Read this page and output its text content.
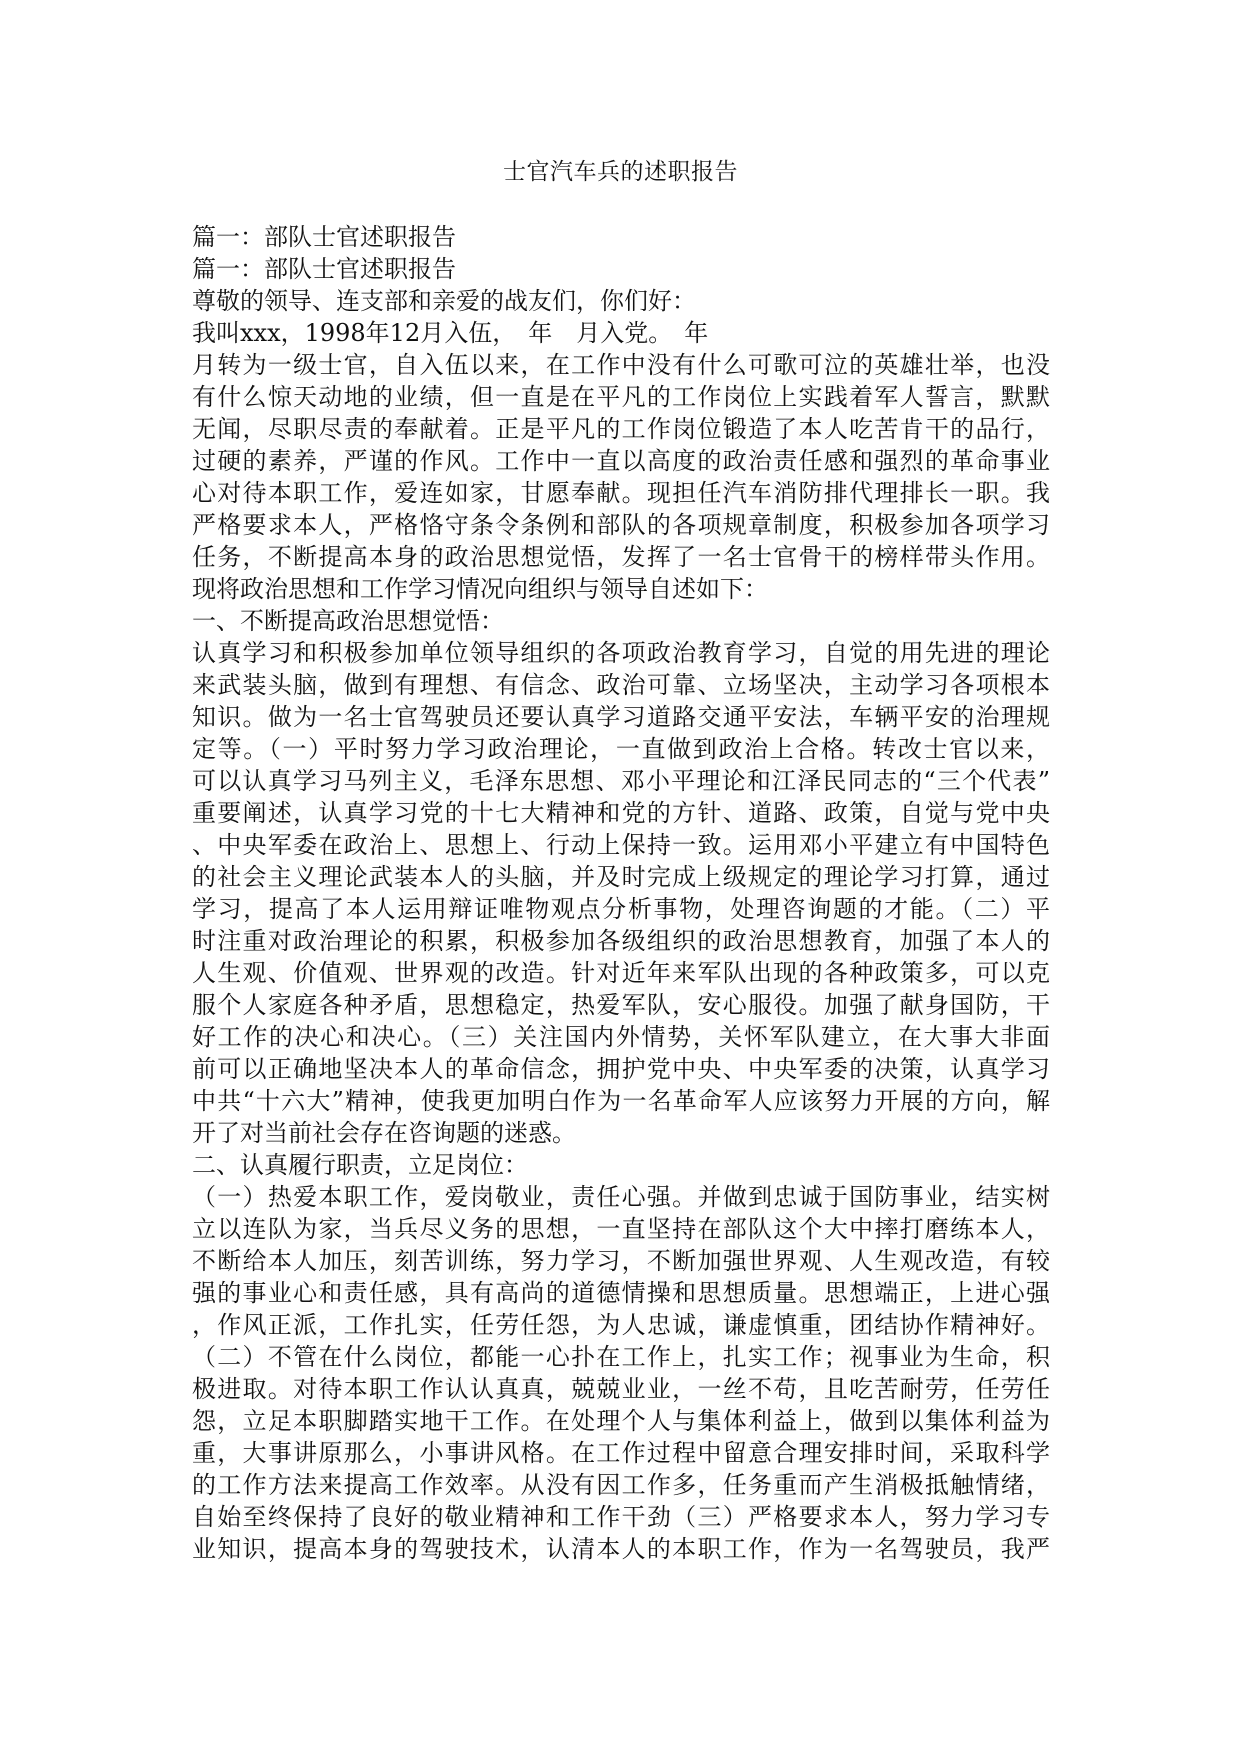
士官汽车兵的述职报告
篇一：部队士官述职报告
篇一：部队士官述职报告
尊敬的领导、连支部和亲爱的战友们，你们好：
我叫xxx，1998年12月入伍，　年　月入党。　年
月转为一级士官，自入伍以来，在工作中没有什么可歌可泣的英雄壮举，也没
有什么惊天动地的业绩，但一直是在平凡的工作岗位上实践着军人誓言，默默
无闻，尽职尽责的奉献着。正是平凡的工作岗位锻造了本人吃苦肯干的品行，
过硬的素养，严谨的作风。工作中一直以高度的政治责任感和强烈的革命事业
心对待本职工作，爱连如家，甘愿奉献。现担任汽车消防排代理排长一职。我
严格要求本人，严格恪守条令条例和部队的各项规章制度，积极参加各项学习
任务，不断提高本身的政治思想觉悟，发挥了一名士官骨干的榜样带头作用。
现将政治思想和工作学习情况向组织与领导自述如下：
一、不断提高政治思想觉悟：
认真学习和积极参加单位领导组织的各项政治教育学习，自觉的用先进的理论
来武装头脑，做到有理想、有信念、政治可靠、立场坚决，主动学习各项根本
知识。做为一名士官驾驶员还要认真学习道路交通平安法，车辆平安的治理规
定等。（一）平时努力学习政治理论，一直做到政治上合格。转改士官以来，
可以认真学习马列主义，毛泽东思想、邓小平理论和江泽民同志的“三个代表”
重要阐述，认真学习党的十七大精神和党的方针、道路、政策，自觉与党中央
、中央军委在政治上、思想上、行动上保持一致。运用邓小平建立有中国特色
的社会主义理论武装本人的头脑，并及时完成上级规定的理论学习打算，通过
学习，提高了本人运用辩证唯物观点分析事物，处理咨询题的才能。（二）平
时注重对政治理论的积累，积极参加各级组织的政治思想教育，加强了本人的
人生观、价值观、世界观的改造。针对近年来军队出现的各种政策多，可以克
服个人家庭各种矛盾，思想稳定，热爱军队，安心服役。加强了献身国防，干
好工作的决心和决心。（三）关注国内外情势，关怀军队建立，在大事大非面
前可以正确地坚决本人的革命信念，拥护党中央、中央军委的决策，认真学习
中共“十六大”精神，使我更加明白作为一名革命军人应该努力开展的方向，解
开了对当前社会存在咨询题的迷惑。
二、认真履行职责，立足岗位：
（一）热爱本职工作，爱岗敬业，责任心强。并做到忠诚于国防事业，结实树
立以连队为家，当兵尽义务的思想，一直坚持在部队这个大中摔打磨练本人，
不断给本人加压，刻苦训练，努力学习，不断加强世界观、人生观改造，有较
强的事业心和责任感，具有高尚的道德情操和思想质量。思想端正，上进心强
，作风正派，工作扎实，任劳任怨，为人忠诚，谦虚慎重，团结协作精神好。
（二）不管在什么岗位，都能一心扑在工作上，扎实工作；视事业为生命，积
极进取。对待本职工作认认真真，兢兢业业，一丝不苟，且吃苦耐劳，任劳任
怨，立足本职脚踏实地干工作。在处理个人与集体利益上，做到以集体利益为
重，大事讲原那么，小事讲风格。在工作过程中留意合理安排时间，采取科学
的工作方法来提高工作效率。从没有因工作多，任务重而产生消极抵触情绪，
自始至终保持了良好的敬业精神和工作干劲（三）严格要求本人，努力学习专
业知识，提高本身的驾驶技术，认清本人的本职工作，作为一名驾驶员，我严
